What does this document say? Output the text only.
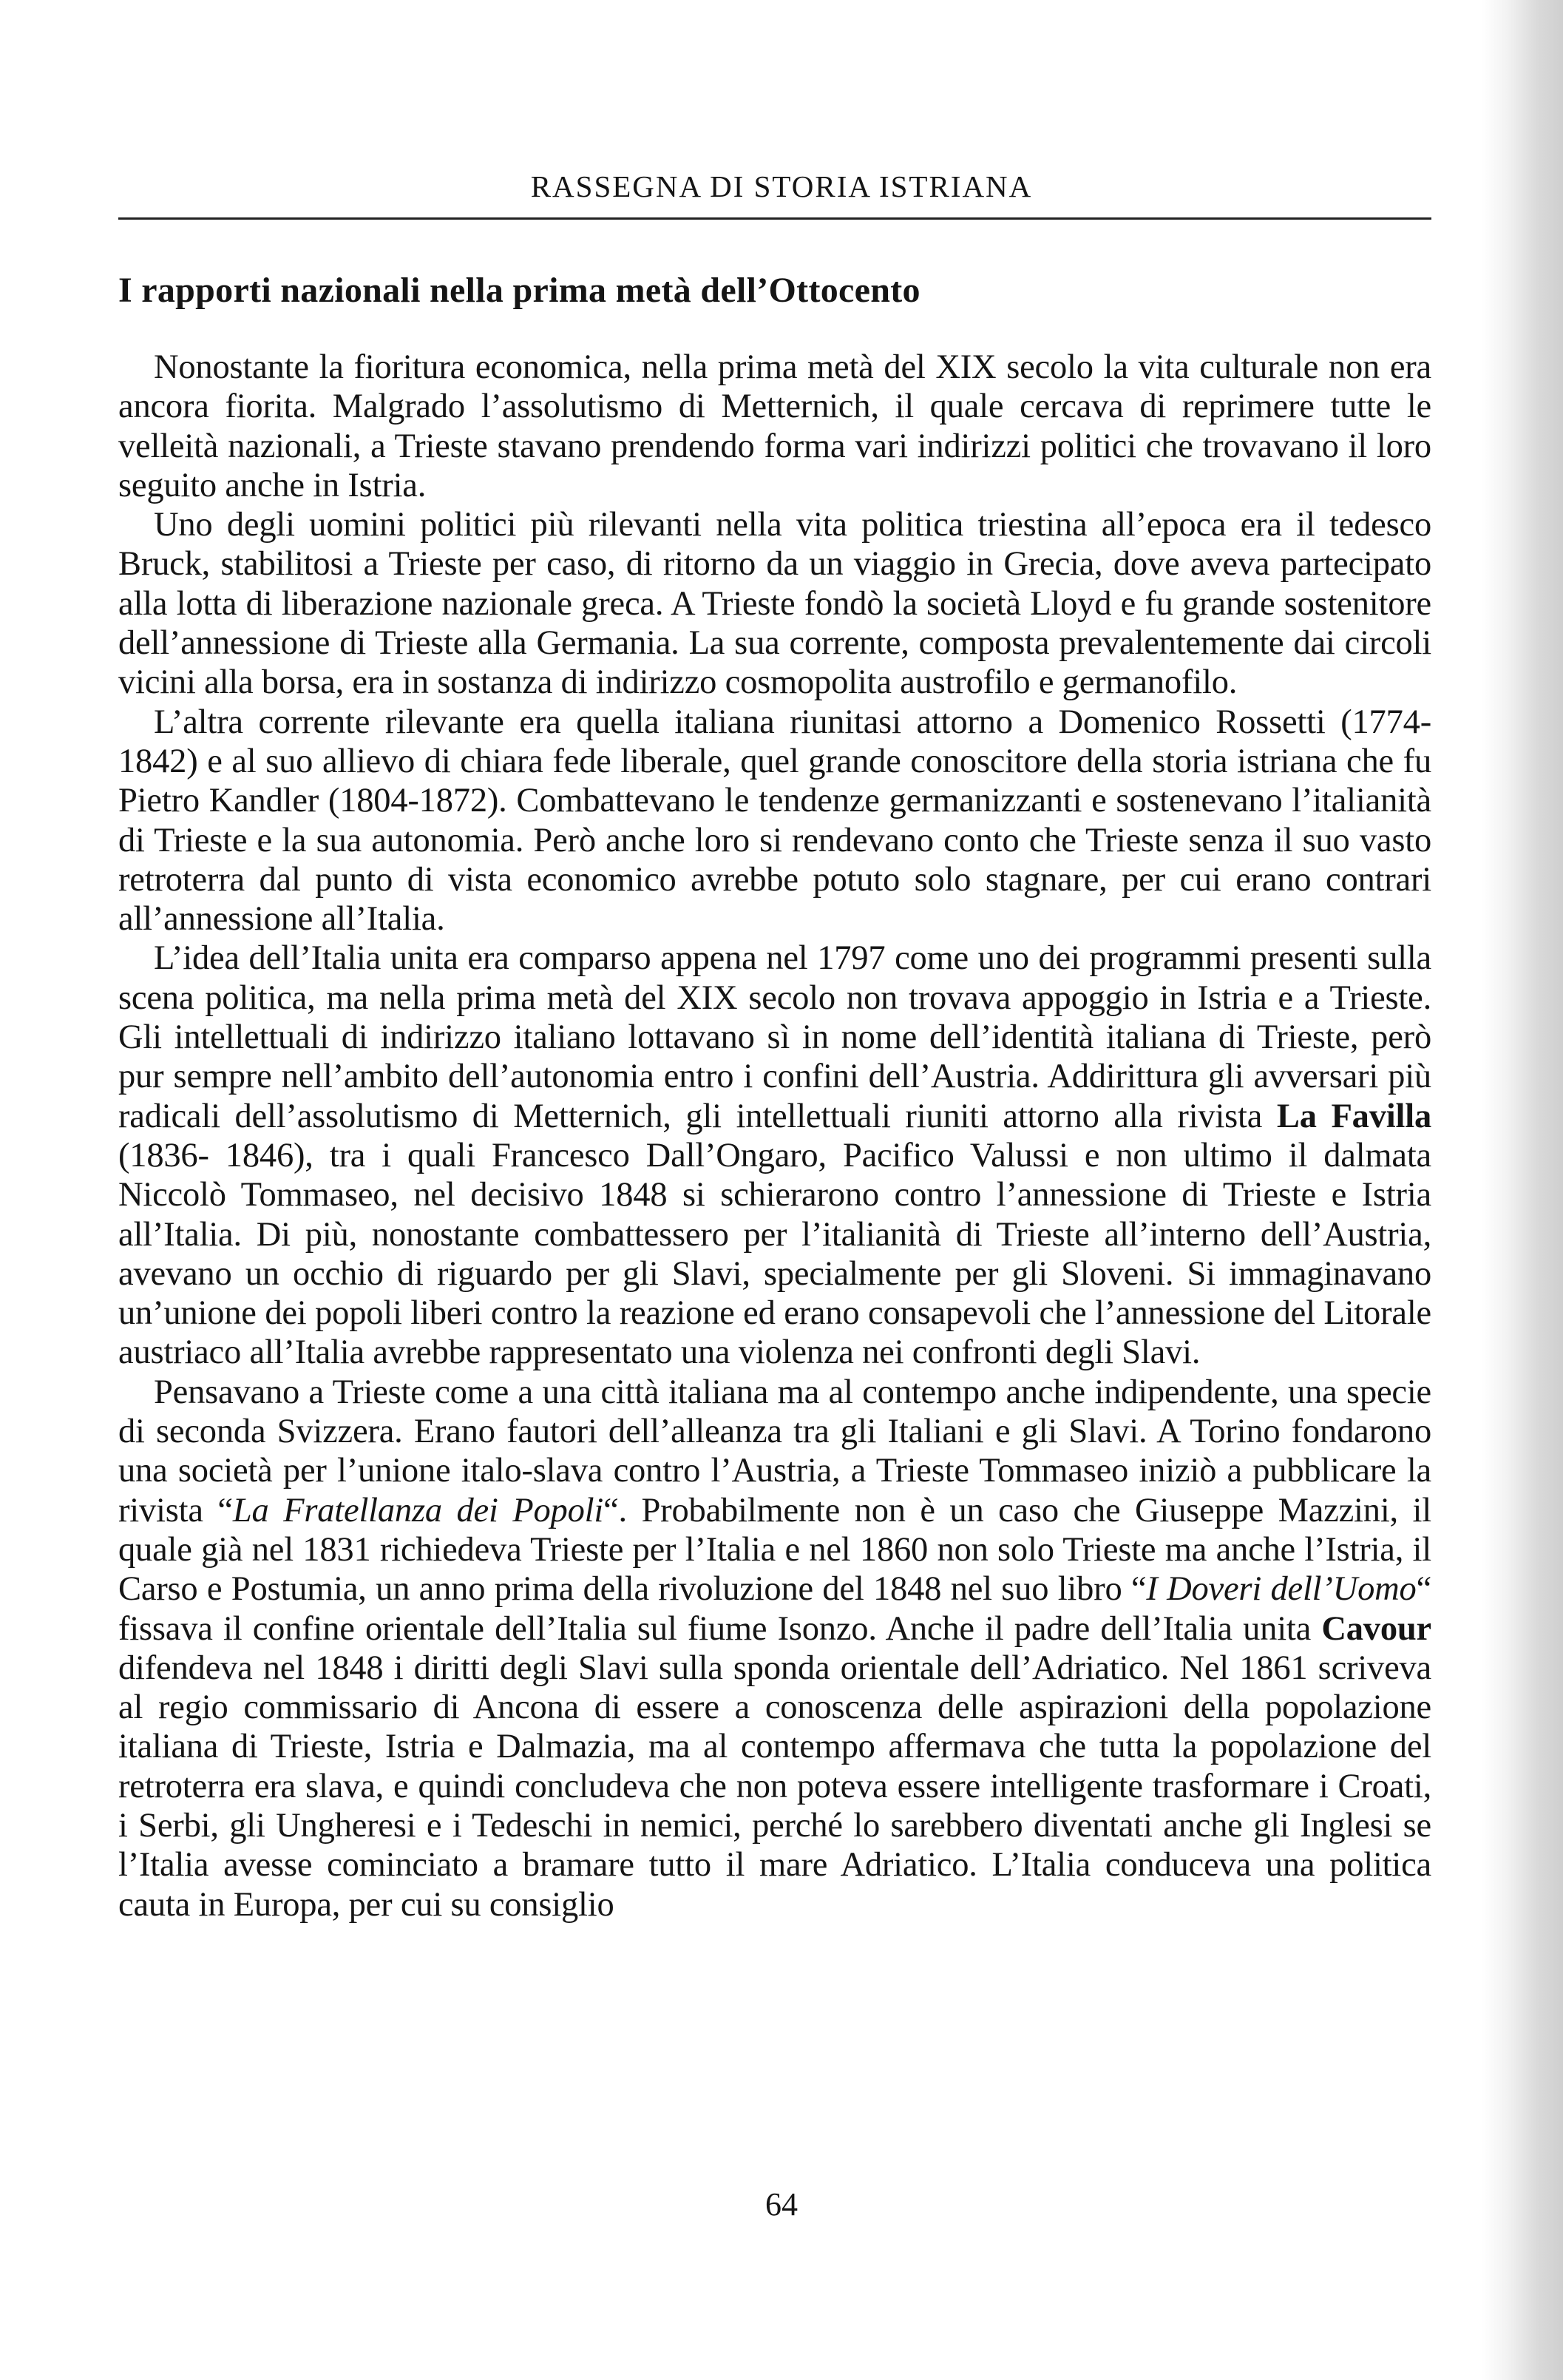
RASSEGNA DI STORIA ISTRIANA
I rapporti nazionali nella prima metà dell’Ottocento

Nonostante la fioritura economica, nella prima metà del XIX secolo la vita culturale non era ancora fiorita. Malgrado l’assolutismo di Metternich, il quale cercava di reprimere tutte le velleità nazionali, a Trieste stavano prendendo forma vari indirizzi politici che trovavano il loro seguito anche in Istria.

Uno degli uomini politici più rilevanti nella vita politica triestina all’epoca era il tedesco Bruck, stabilitosi a Trieste per caso, di ritorno da un viaggio in Grecia, dove aveva partecipato alla lotta di liberazione nazionale greca. A Trieste fondò la società Lloyd e fu grande sostenitore dell’annessione di Trieste alla Germania. La sua corrente, composta prevalentemente dai circoli vicini alla borsa, era in sostanza di indirizzo cosmopolita austrofilo e germanofilo.

L’altra corrente rilevante era quella italiana riunitasi attorno a Domenico Rossetti (1774-1842) e al suo allievo di chiara fede liberale, quel grande conoscitore della storia istriana che fu Pietro Kandler (1804-1872). Combattevano le tendenze germanizzanti e sostenevano l’italianità di Trieste e la sua autonomia. Però anche loro si rendevano conto che Trieste senza il suo vasto retroterra dal punto di vista economico avrebbe potuto solo stagnare, per cui erano contrari all’annessione all’Italia.

L’idea dell’Italia unita era comparso appena nel 1797 come uno dei programmi presenti sulla scena politica, ma nella prima metà del XIX secolo non trovava appoggio in Istria e a Trieste. Gli intellettuali di indirizzo italiano lottavano sì in nome dell’identità italiana di Trieste, però pur sempre nell’ambito dell’autonomia entro i confini dell’Austria. Addirittura gli avversari più radicali dell’assolutismo di Metternich, gli intellettuali riuniti attorno alla rivista La Favilla (1836- 1846), tra i quali Francesco Dall’Ongaro, Pacifico Valussi e non ultimo il dalmata Niccolò Tommaseo, nel decisivo 1848 si schierarono contro l’annessione di Trieste e Istria all’Italia. Di più, nonostante combattessero per l’italianità di Trieste all’interno dell’Austria, avevano un occhio di riguardo per gli Slavi, specialmente per gli Sloveni. Si immaginavano un’unione dei popoli liberi contro la reazione ed erano consapevoli che l’annessione del Litorale austriaco all’Italia avrebbe rappresentato una violenza nei confronti degli Slavi.

Pensavano a Trieste come a una città italiana ma al contempo anche indipendente, una specie di seconda Svizzera. Erano fautori dell’alleanza tra gli Italiani e gli Slavi. A Torino fondarono una società per l’unione italo-slava contro l’Austria, a Trieste Tommaseo iniziò a pubblicare la rivista “La Fratellanza dei Popoli“. Probabilmente non è un caso che Giuseppe Mazzini, il quale già nel 1831 richiedeva Trieste per l’Italia e nel 1860 non solo Trieste ma anche l’Istria, il Carso e Postumia, un anno prima della rivoluzione del 1848 nel suo libro “I Doveri dell’Uomo“ fissava il confine orientale dell’Italia sul fiume Isonzo. Anche il padre dell’Italia unita Cavour difendeva nel 1848 i diritti degli Slavi sulla sponda orientale dell’Adriatico. Nel 1861 scriveva al regio commissario di Ancona di essere a conoscenza delle aspirazioni della popolazione italiana di Trieste, Istria e Dalmazia, ma al contempo affermava che tutta la popolazione del retroterra era slava, e quindi concludeva che non poteva essere intelligente trasformare i Croati, i Serbi, gli Ungheresi e i Tedeschi in nemici, perché lo sarebbero diventati anche gli Inglesi se l’Italia avesse cominciato a bramare tutto il mare Adriatico. L’Italia conduceva una politica cauta in Europa, per cui su consiglio

64
